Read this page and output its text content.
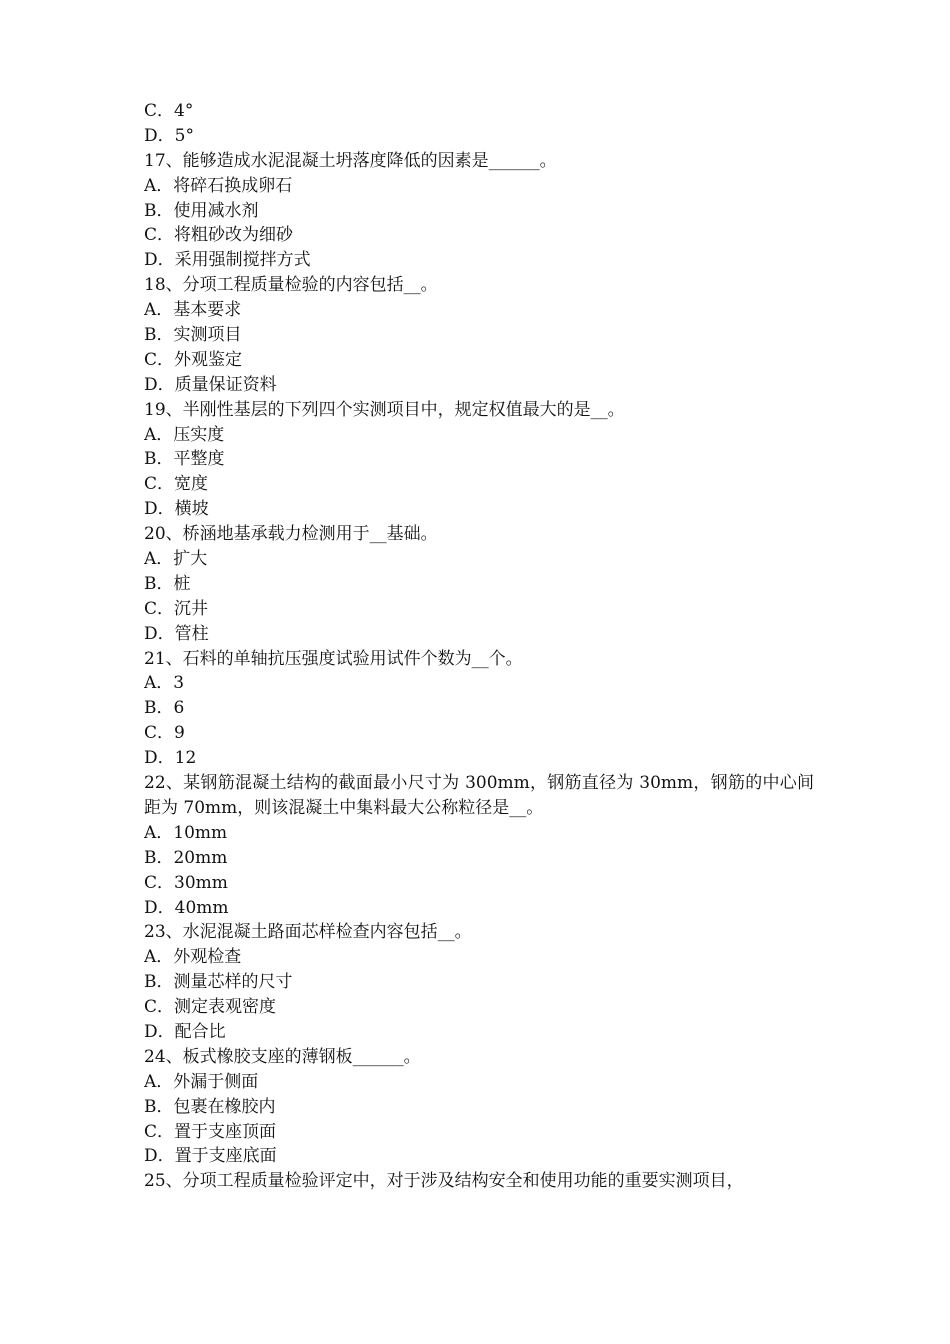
C．4°
D．5°
17、能够造成水泥混凝土坍落度降低的因素是______。
A．将碎石换成卵石
B．使用减水剂
C．将粗砂改为细砂
D．采用强制搅拌方式
18、分项工程质量检验的内容包括__。
A．基本要求
B．实测项目
C．外观鉴定
D．质量保证资料
19、半刚性基层的下列四个实测项目中，规定权值最大的是__。
A．压实度
B．平整度
C．宽度
D．横坡
20、桥涵地基承载力检测用于__基础。
A．扩大
B．桩
C．沉井
D．管柱
21、石料的单轴抗压强度试验用试件个数为__个。
A．3
B．6
C．9
D．12
22、某钢筋混凝土结构的截面最小尺寸为 300mm，钢筋直径为 30mm，钢筋的中心间距为 70mm，则该混凝土中集料最大公称粒径是__。
A．10mm
B．20mm
C．30mm
D．40mm
23、水泥混凝土路面芯样检查内容包括__。
A．外观检查
B．测量芯样的尺寸
C．测定表观密度
D．配合比
24、板式橡胶支座的薄钢板______。
A．外漏于侧面
B．包裹在橡胶内
C．置于支座顶面
D．置于支座底面
25、分项工程质量检验评定中，对于涉及结构安全和使用功能的重要实测项目，
